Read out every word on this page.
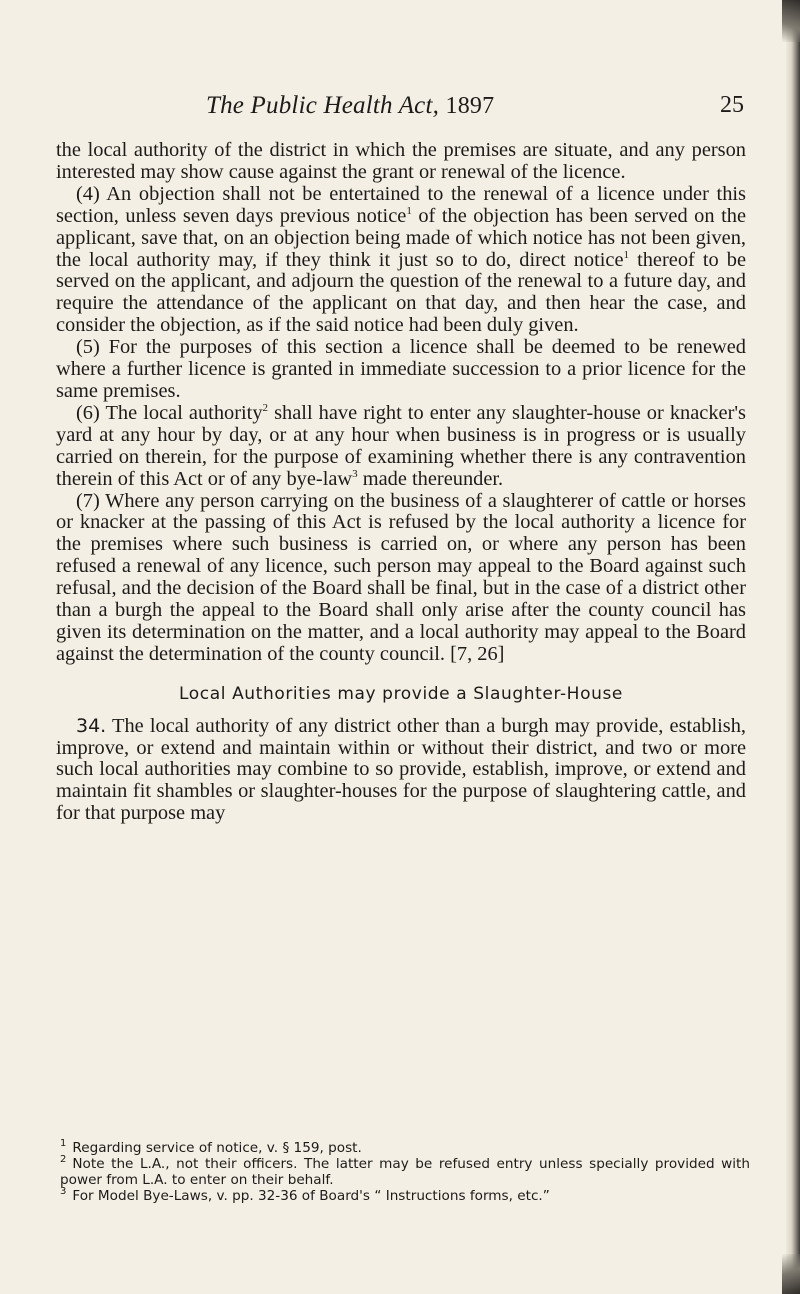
The Public Health Act, 1897	25

the local authority of the district in which the premises are situate, and any person interested may show cause against the grant or renewal of the licence.

(4) An objection shall not be entertained to the renewal of a licence under this section, unless seven days previous notice$^1$ of the objection has been served on the applicant, save that, on an objection being made of which notice has not been given, the local authority may, if they think it just so to do, direct notice$^1$ thereof to be served on the applicant, and adjourn the question of the renewal to a future day, and require the attendance of the applicant on that day, and then hear the case, and consider the objection, as if the said notice had been duly given.

(5) For the purposes of this section a licence shall be deemed to be renewed where a further licence is granted in immediate succession to a prior licence for the same premises.

(6) The local authority$^2$ shall have right to enter any slaughter-house or knacker's yard at any hour by day, or at any hour when business is in progress or is usually carried on therein, for the purpose of examining whether there is any contravention therein of this Act or of any bye-law$^3$ made thereunder.

(7) Where any person carrying on the business of a slaughterer of cattle or horses or knacker at the passing of this Act is refused by the local authority a licence for the premises where such business is carried on, or where any person has been refused a renewal of any licence, such person may appeal to the Board against such refusal, and the decision of the Board shall be final, but in the case of a district other than a burgh the appeal to the Board shall only arise after the county council has given its determination on the matter, and a local authority may appeal to the Board against the determination of the county council. [7, 26]

Local Authorities may provide a Slaughter-House

34. The local authority of any district other than a burgh may provide, establish, improve, or extend and maintain within or without their district, and two or more such local authorities may combine to so provide, establish, improve, or extend and maintain fit shambles or slaughter-houses for the purpose of slaughtering cattle, and for that purpose may

$^1$ Regarding service of notice, v. § 159, post.

$^2$ Note the L.A., not their officers. The latter may be refused entry unless specially provided with power from L.A. to enter on their behalf.

$^3$ For Model Bye-Laws, v. pp. 32-36 of Board's “ Instructions forms, etc.”
